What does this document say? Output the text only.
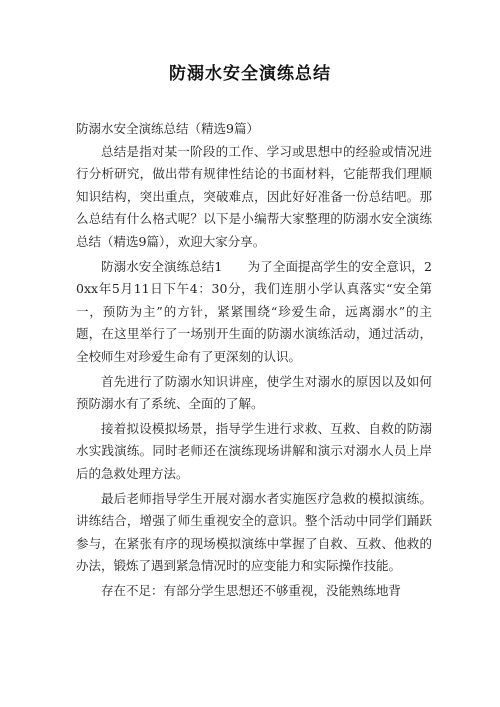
防溺水安全演练总结

防溺水安全演练总结（精选9篇）

总结是指对某一阶段的工作、学习或思想中的经验或情况进行分析研究，做出带有规律性结论的书面材料，它能帮我们理顺知识结构，突出重点，突破难点，因此好好准备一份总结吧。那么总结有什么格式呢？以下是小编帮大家整理的防溺水安全演练总结（精选9篇），欢迎大家分享。

防溺水安全演练总结1　　为了全面提高学生的安全意识，20xx年5月11日下午4：30分，我们连朋小学认真落实“安全第一，预防为主”的方针，紧紧围绕“珍爱生命，远离溺水”的主题，在这里举行了一场别开生面的防溺水演练活动，通过活动，全校师生对珍爱生命有了更深刻的认识。

首先进行了防溺水知识讲座，使学生对溺水的原因以及如何预防溺水有了系统、全面的了解。

接着拟设模拟场景，指导学生进行求救、互救、自救的防溺水实践演练。同时老师还在演练现场讲解和演示对溺水人员上岸后的急救处理方法。

最后老师指导学生开展对溺水者实施医疗急救的模拟演练。讲练结合，增强了师生重视安全的意识。整个活动中同学们踊跃参与，在紧张有序的现场模拟演练中掌握了自救、互救、他救的办法，锻炼了遇到紧急情况时的应变能力和实际操作技能。

存在不足：有部分学生思想还不够重视，没能熟练地背
